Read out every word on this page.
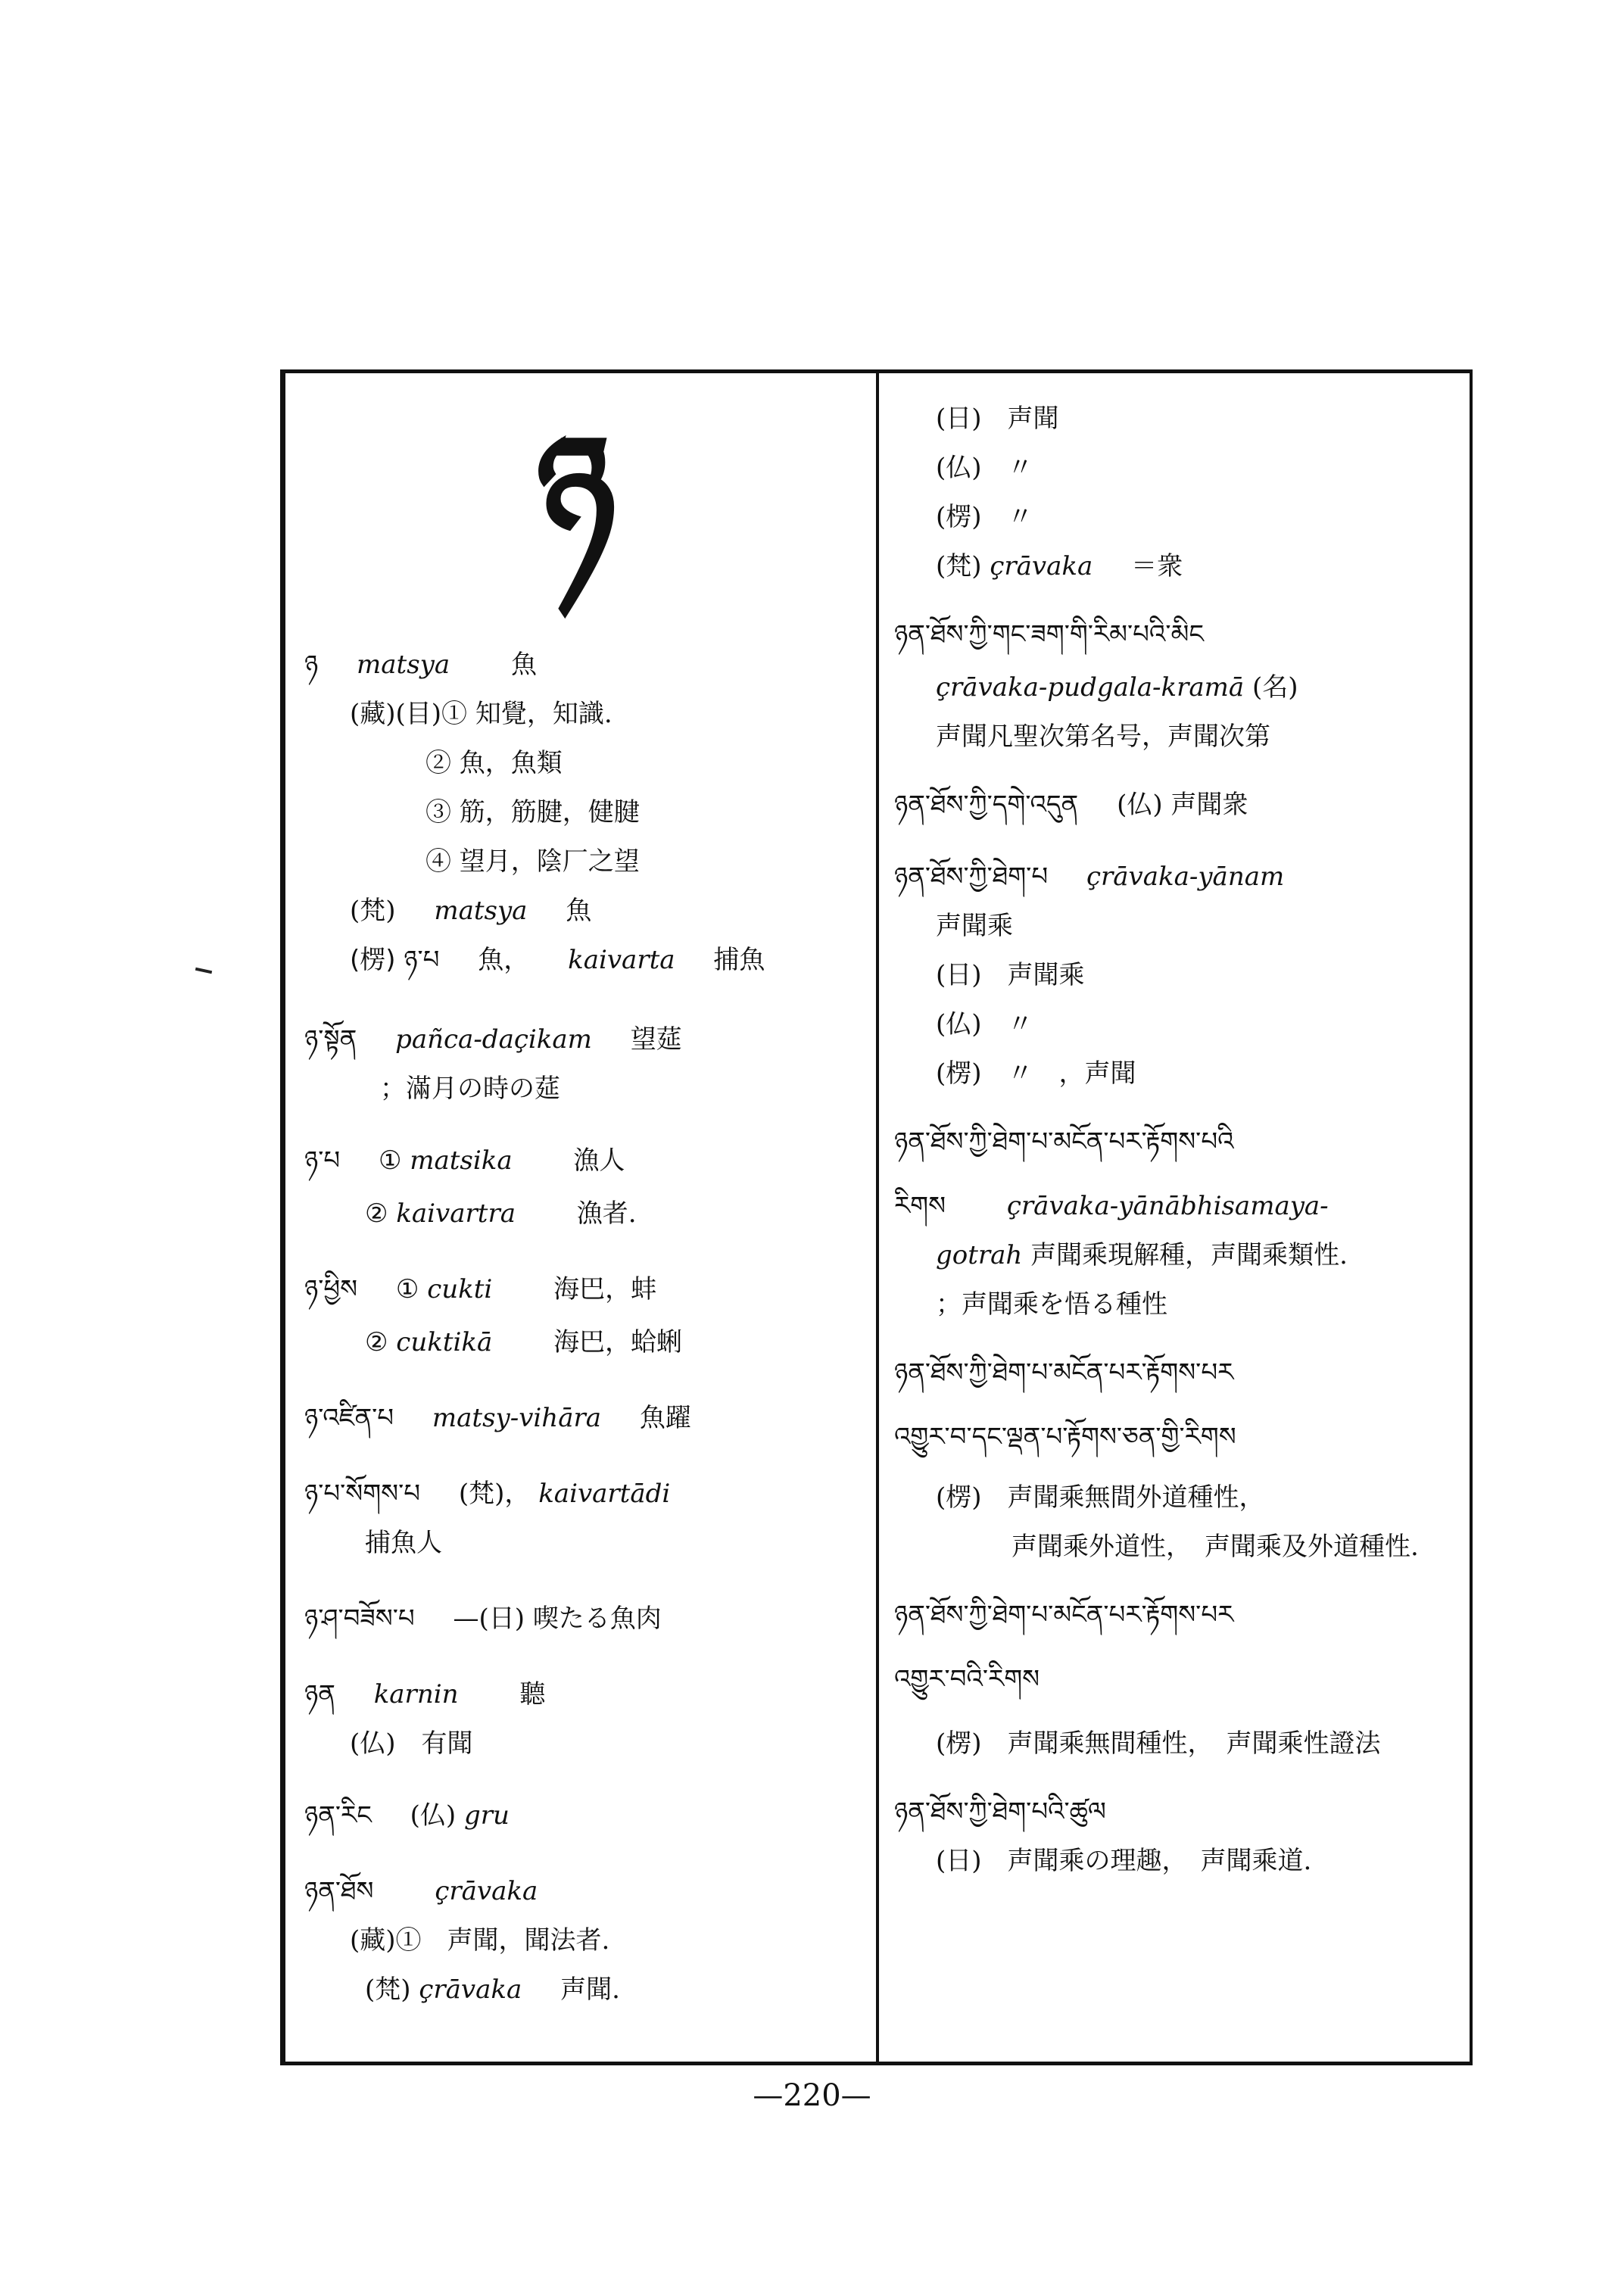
ཉ
ཉ matsya 魚
(藏)(目)① 知覺，知識.
② 魚，魚類
③ 筋，筋腱，健腱
④ 望月，陰厂之望
(梵) matsya 魚
(楞) ཉ་པ 魚， kaivarta 捕魚
ཉ་སྟོན pañca-daçikam 望莚
；滿月の時の莚
ཉ་པ ① matsika 漁人
② kaivartra 漁者.
ཉ་ཕྱིས ① cukti 海巴，蚌
② cuktikā 海巴，蛤蜊
ཉ་འཛིན་པ matsy-vihāra 魚躍
ཉ་པ་སོགས་པ (梵)， kaivartādi
捕魚人
ཉ་ཤ་བཟོས་པ —(日) 喫たる魚肉
ཉན karnin 聽
(仏)　有聞
ཉན་རིང (仏) gru
ཉན་ཐོས çrāvaka
(藏)①　声聞，聞法者.
(梵) çrāvaka 声聞.
(日)　声聞
(仏)　〃
(楞)　〃
(梵) çrāvaka ＝衆
ཉན་ཐོས་ཀྱི་གང་ཟག་གི་རིམ་པའི་མིང
çrāvaka-pudgala-kramā (名)
声聞凡聖次第名号，声聞次第
ཉན་ཐོས་ཀྱི་དགེ་འདུན (仏) 声聞衆
ཉན་ཐོས་ཀྱི་ཐེག་པ çrāvaka-yānam
声聞乘
(日)　声聞乘
(仏)　〃
(楞)　〃　，声聞
ཉན་ཐོས་ཀྱི་ཐེག་པ་མངོན་པར་རྟོགས་པའི
རིགས çrāvaka-yānābhisamaya-
gotrah 声聞乘現解種，声聞乘類性.
；声聞乘を悟る種性
ཉན་ཐོས་ཀྱི་ཐེག་པ་མངོན་པར་རྟོགས་པར
འགྱུར་བ་དང་ལྡན་པ་རྟོགས་ཅན་གྱི་རིགས
(楞)　声聞乘無間外道種性，
声聞乘外道性，　声聞乘及外道種性.
ཉན་ཐོས་ཀྱི་ཐེག་པ་མངོན་པར་རྟོགས་པར
འགྱུར་བའི་རིགས
(楞)　声聞乘無間種性，　声聞乘性證法
ཉན་ཐོས་ཀྱི་ཐེག་པའི་ཚུལ
(日)　声聞乘の理趣，　声聞乘道.
—220—
